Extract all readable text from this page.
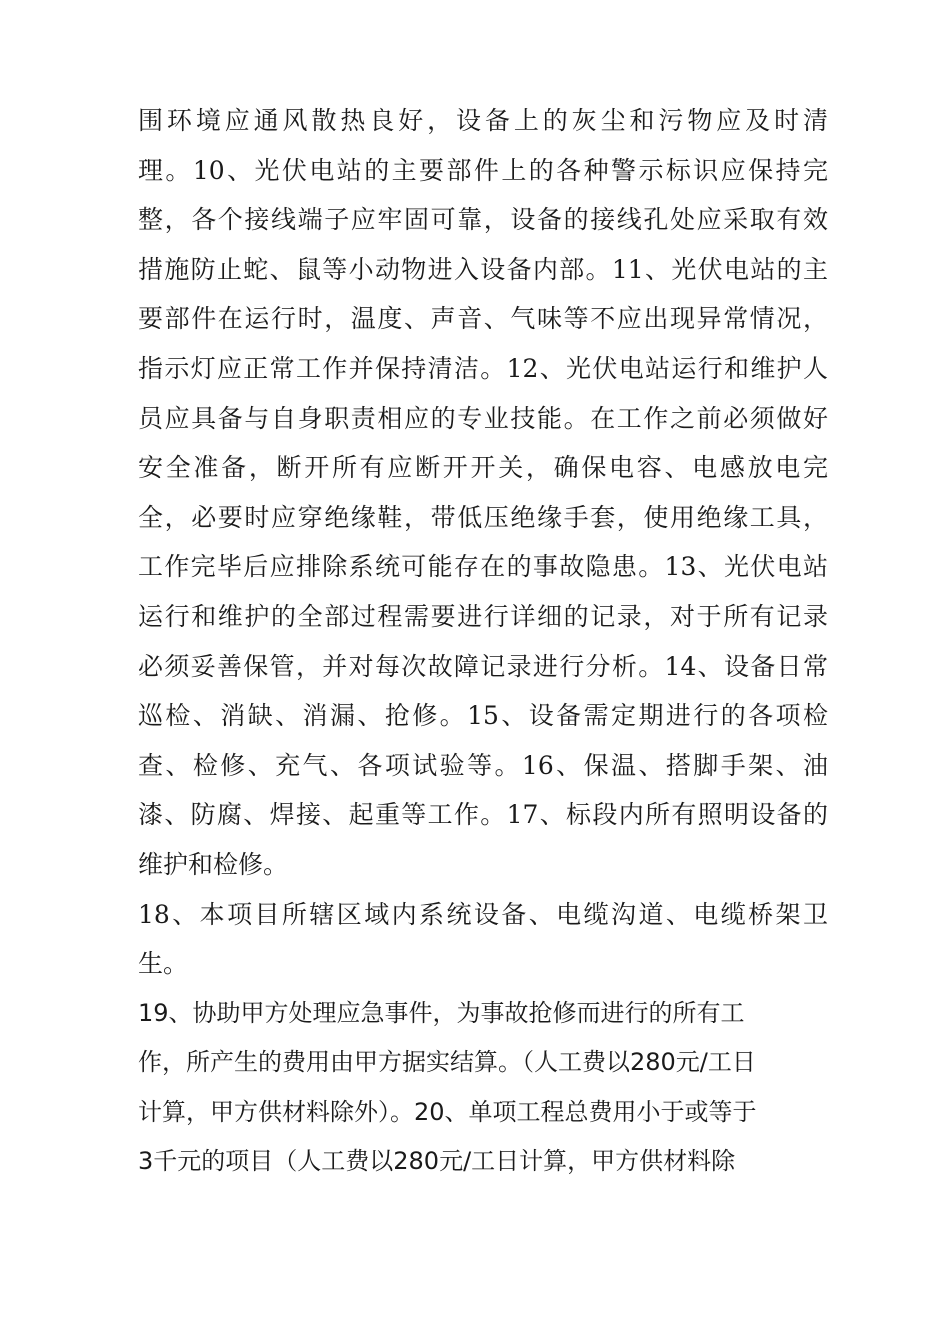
围环境应通风散热良好，设备上的灰尘和污物应及时清
理。10、光伏电站的主要部件上的各种警示标识应保持完
整，各个接线端子应牢固可靠，设备的接线孔处应采取有效
措施防止蛇、鼠等小动物进入设备内部。11、光伏电站的主
要部件在运行时，温度、声音、气味等不应出现异常情况，
指示灯应正常工作并保持清洁。12、光伏电站运行和维护人
员应具备与自身职责相应的专业技能。在工作之前必须做好
安全准备，断开所有应断开开关，确保电容、电感放电完
全，必要时应穿绝缘鞋，带低压绝缘手套，使用绝缘工具，
工作完毕后应排除系统可能存在的事故隐患。13、光伏电站
运行和维护的全部过程需要进行详细的记录，对于所有记录
必须妥善保管，并对每次故障记录进行分析。14、设备日常
巡检、消缺、消漏、抢修。15、设备需定期进行的各项检
查、检修、充气、各项试验等。16、保温、搭脚手架、油
漆、防腐、焊接、起重等工作。17、标段内所有照明设备的
维护和检修。
18、本项目所辖区域内系统设备、电缆沟道、电缆桥架卫
生。
19、协助甲方处理应急事件，为事故抢修而进行的所有工
作，所产生的费用由甲方据实结算。（人工费以280元/工日
计算，甲方供材料除外）。20、单项工程总费用小于或等于
3千元的项目（人工费以280元/工日计算，甲方供材料除
